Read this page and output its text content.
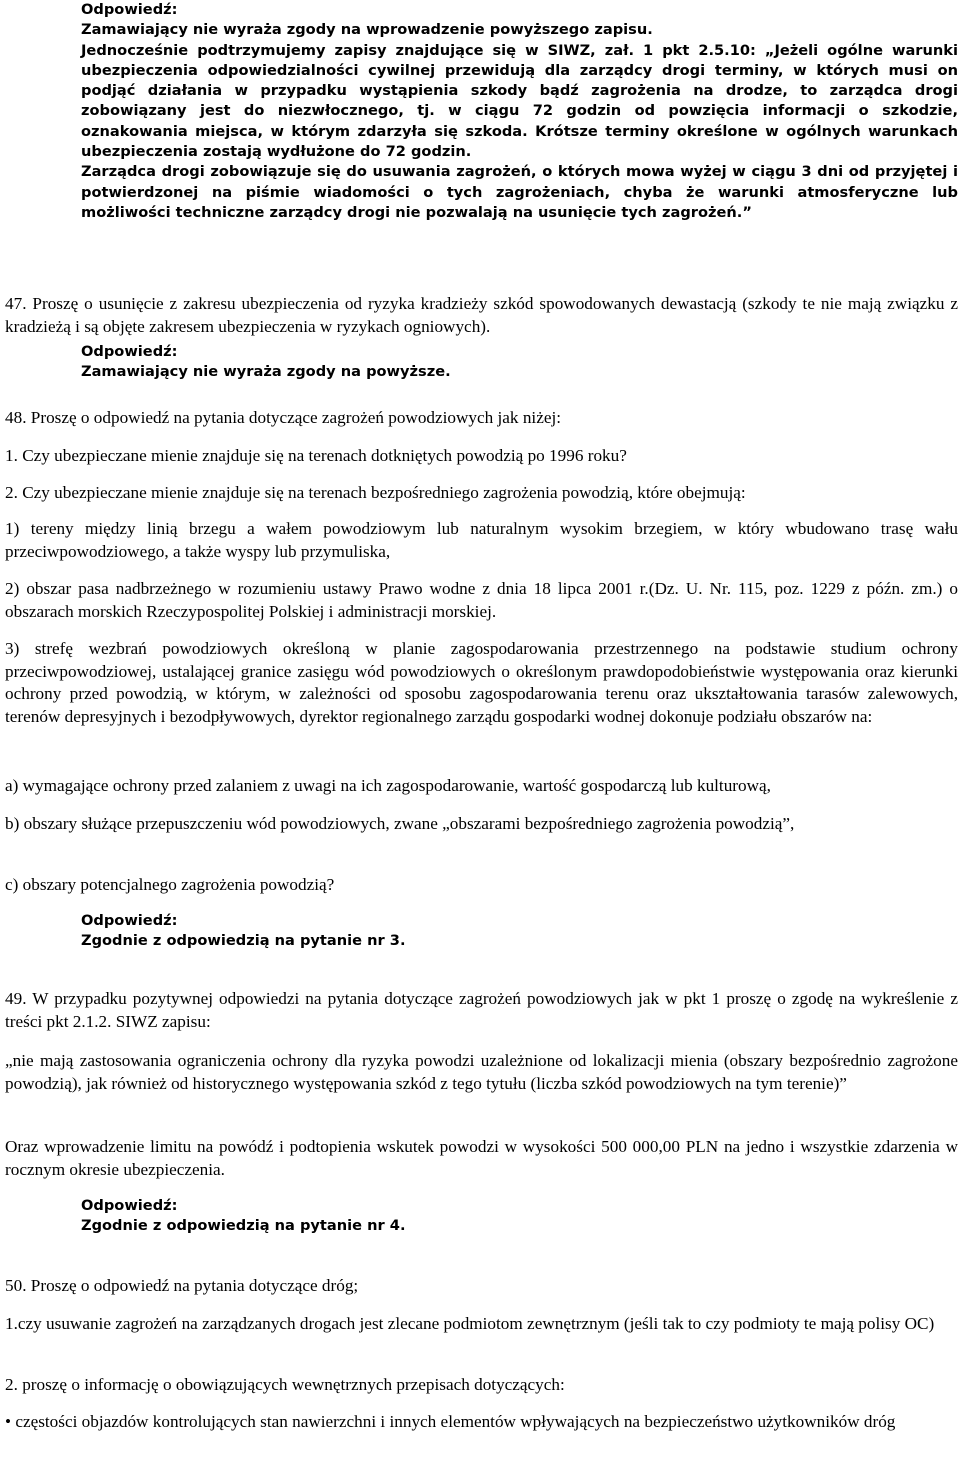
Odpowiedź:

Zamawiający nie wyraża zgody na wprowadzenie powyższego zapisu.

Jednocześnie podtrzymujemy zapisy znajdujące się w SIWZ, zał. 1 pkt 2.5.10: „Jeżeli ogólne warunki ubezpieczenia odpowiedzialności cywilnej przewidują dla zarządcy drogi terminy, w których musi on podjąć działania w przypadku wystąpienia szkody bądź zagrożenia na drodze, to zarządca drogi zobowiązany jest do niezwłocznego, tj. w ciągu 72 godzin od powzięcia informacji o szkodzie, oznakowania miejsca, w którym zdarzyła się szkoda. Krótsze terminy określone w ogólnych warunkach ubezpieczenia zostają wydłużone do 72 godzin.

Zarządca drogi zobowiązuje się do usuwania zagrożeń, o których mowa wyżej w ciągu 3 dni od przyjętej i potwierdzonej na piśmie wiadomości o tych zagrożeniach, chyba że warunki atmosferyczne lub możliwości techniczne zarządcy drogi nie pozwalają na usunięcie tych zagrożeń.”

47. Proszę o usunięcie z zakresu ubezpieczenia od ryzyka kradzieży szkód spowodowanych dewastacją (szkody te nie mają związku z kradzieżą i są objęte zakresem ubezpieczenia w ryzykach ogniowych).

Odpowiedź:

Zamawiający nie wyraża zgody na powyższe.

48. Proszę o odpowiedź na pytania dotyczące zagrożeń powodziowych jak niżej:

1. Czy ubezpieczane mienie znajduje się na terenach dotkniętych powodzią po 1996 roku?

2. Czy ubezpieczane mienie znajduje się na terenach bezpośredniego zagrożenia powodzią, które obejmują:

1) tereny między linią brzegu a wałem powodziowym lub naturalnym wysokim brzegiem, w który wbudowano trasę wału przeciwpowodziowego, a także wyspy lub przymuliska,

2) obszar pasa nadbrzeżnego w rozumieniu ustawy Prawo wodne z dnia 18 lipca 2001 r.(Dz. U. Nr. 115, poz. 1229 z późn. zm.) o obszarach morskich Rzeczypospolitej Polskiej i administracji morskiej.

3) strefę wezbrań powodziowych określoną w planie zagospodarowania przestrzennego na podstawie studium ochrony przeciwpowodziowej, ustalającej granice zasięgu wód powodziowych o określonym prawdopodobieństwie występowania oraz kierunki ochrony przed powodzią, w którym, w zależności od sposobu zagospodarowania terenu oraz ukształtowania tarasów zalewowych, terenów depresyjnych i bezodpływowych, dyrektor regionalnego zarządu gospodarki wodnej dokonuje podziału obszarów na:

a) wymagające ochrony przed zalaniem z uwagi na ich zagospodarowanie, wartość gospodarczą lub kulturową,

b) obszary służące przepuszczeniu wód powodziowych, zwane „obszarami bezpośredniego zagrożenia powodzią”,

c) obszary potencjalnego zagrożenia powodzią?

Odpowiedź:

Zgodnie z odpowiedzią na pytanie nr 3.

49. W przypadku pozytywnej odpowiedzi na pytania dotyczące zagrożeń powodziowych jak w pkt 1 proszę o zgodę na wykreślenie z treści pkt 2.1.2. SIWZ zapisu:

„nie mają zastosowania ograniczenia ochrony dla ryzyka powodzi uzależnione od lokalizacji mienia (obszary bezpośrednio zagrożone powodzią), jak również od historycznego występowania szkód z tego tytułu (liczba szkód powodziowych na tym terenie)”

Oraz wprowadzenie limitu na powódź i podtopienia wskutek powodzi w wysokości 500 000,00 PLN na jedno i wszystkie zdarzenia w rocznym okresie ubezpieczenia.

Odpowiedź:

Zgodnie z odpowiedzią na pytanie nr 4.

50. Proszę o odpowiedź na pytania dotyczące dróg;

1.czy usuwanie zagrożeń na zarządzanych drogach jest zlecane podmiotom zewnętrznym (jeśli tak to czy podmioty te mają polisy OC)

2. proszę o informację o obowiązujących wewnętrznych przepisach dotyczących:

• częstości objazdów kontrolujących stan nawierzchni i innych elementów wpływających na bezpieczeństwo użytkowników dróg
